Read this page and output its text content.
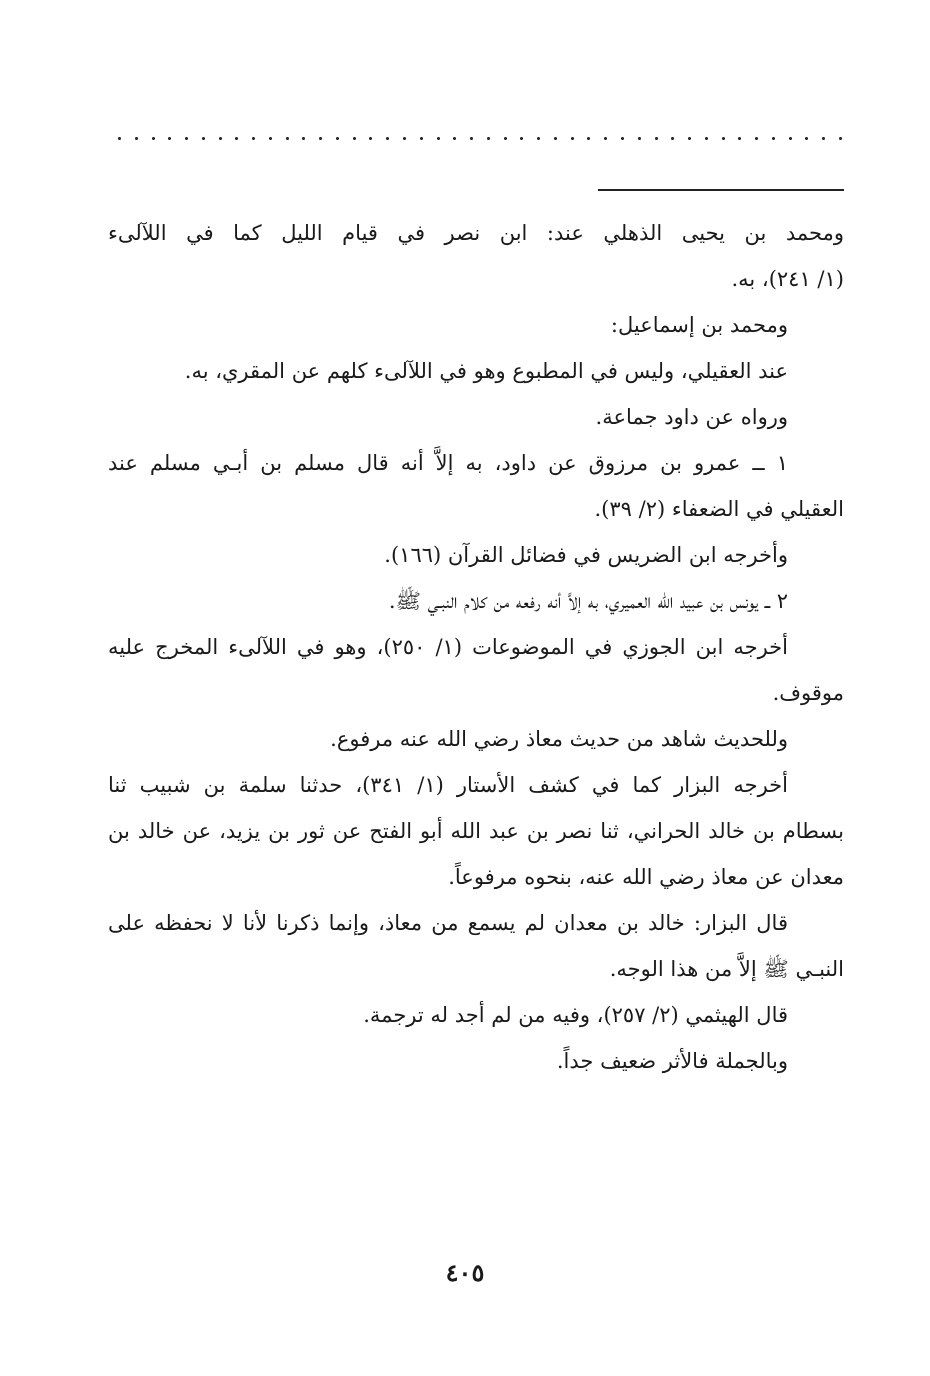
ومحمد بن يحيى الذهلي عند: ابن نصر في قيام الليل كما في اللآلىء
(١/ ٢٤١)، به.
ومحمد بن إسماعيل:
عند العقيلي، وليس في المطبوع وهو في اللآلىء كلهم عن المقري، به.
ورواه عن داود جماعة.
١ ــ عمرو بن مرزوق عن داود، به إلاَّ أنه قال مسلم بن أبـي مسلم عند
العقيلي في الضعفاء (٢/ ٣٩).
وأخرجه ابن الضريس في فضائل القرآن (١٦٦).
٢ ــ يونس بن عبيد الله العميري، به إلاَّ أنه رفعه من كلام النبـي ﷺ.
أخرجه ابن الجوزي في الموضوعات (١/ ٢٥٠)، وهو في اللآلىء المخرج عليه
موقوف.
وللحديث شاهد من حديث معاذ رضي الله عنه مرفوع.
أخرجه البزار كما في كشف الأستار (١/ ٣٤١)، حدثنا سلمة بن شبيب ثنا
بسطام بن خالد الحراني، ثنا نصر بن عبد الله أبو الفتح عن ثور بن يزيد، عن خالد بن
معدان عن معاذ رضي الله عنه، بنحوه مرفوعاً.
قال البزار: خالد بن معدان لم يسمع من معاذ، وإنما ذكرنا لأنا لا نحفظه على
النبـي ﷺ إلاَّ من هذا الوجه.
قال الهيثمي (٢/ ٢٥٧)، وفيه من لم أجد له ترجمة.
وبالجملة فالأثر ضعيف جداً.
٤٠٥
